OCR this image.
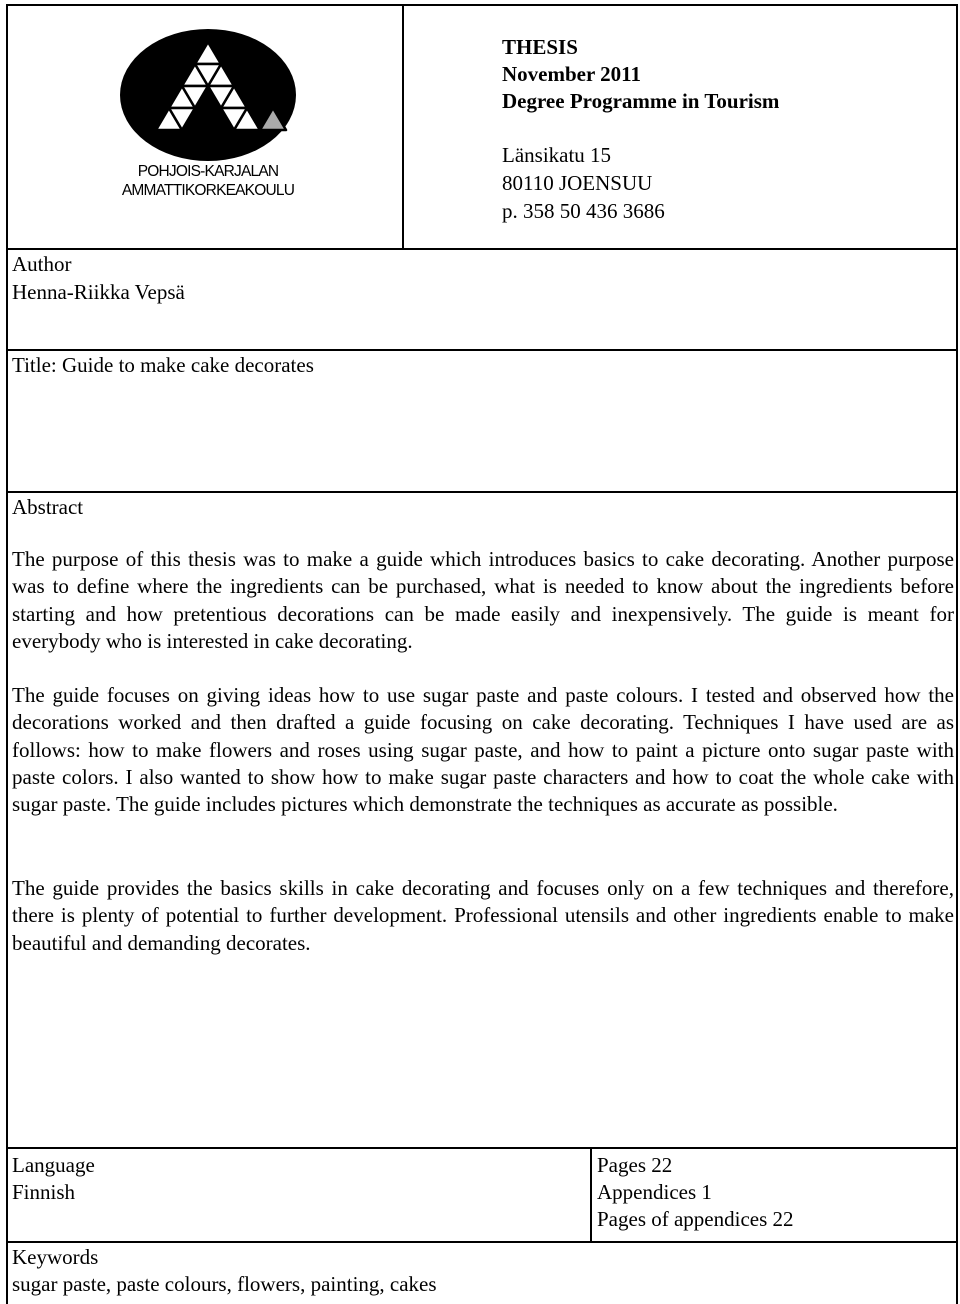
POHJOIS-KARJALAN
AMMATTIKORKEAKOULU
THESIS
November 2011
Degree Programme in Tourism
Länsikatu 15
80110 JOENSUU
p. 358 50 436 3686
Author
Henna-Riikka Vepsä
Title: Guide to make cake decorates
Abstract
The purpose of this thesis was to make a guide which introduces basics to cake decorating. Another purpose was to define where the ingredients can be purchased, what is needed to know about the ingredients before starting and how pretentious decorations can be made easily and inexpensively. The guide is meant for everybody who is interested in cake decorating.
The guide focuses on giving ideas how to use sugar paste and paste colours. I tested and observed how the decorations worked and then drafted a guide focusing on cake decorating. Techniques I have used are as follows: how to make flowers and roses using sugar paste, and how to paint a picture onto sugar paste with paste colors. I also wanted to show how to make sugar paste characters and how to coat the whole cake with sugar paste. The guide includes pictures which demonstrate the techniques as accurate as possible.
The guide provides the basics skills in cake decorating and focuses only on a few techniques and therefore, there is plenty of potential to further development. Professional utensils and other ingredients enable to make beautiful and demanding decorates.
Language
Finnish
Pages 22
Appendices 1
Pages of appendices 22
Keywords
sugar paste, paste colours, flowers, painting, cakes
